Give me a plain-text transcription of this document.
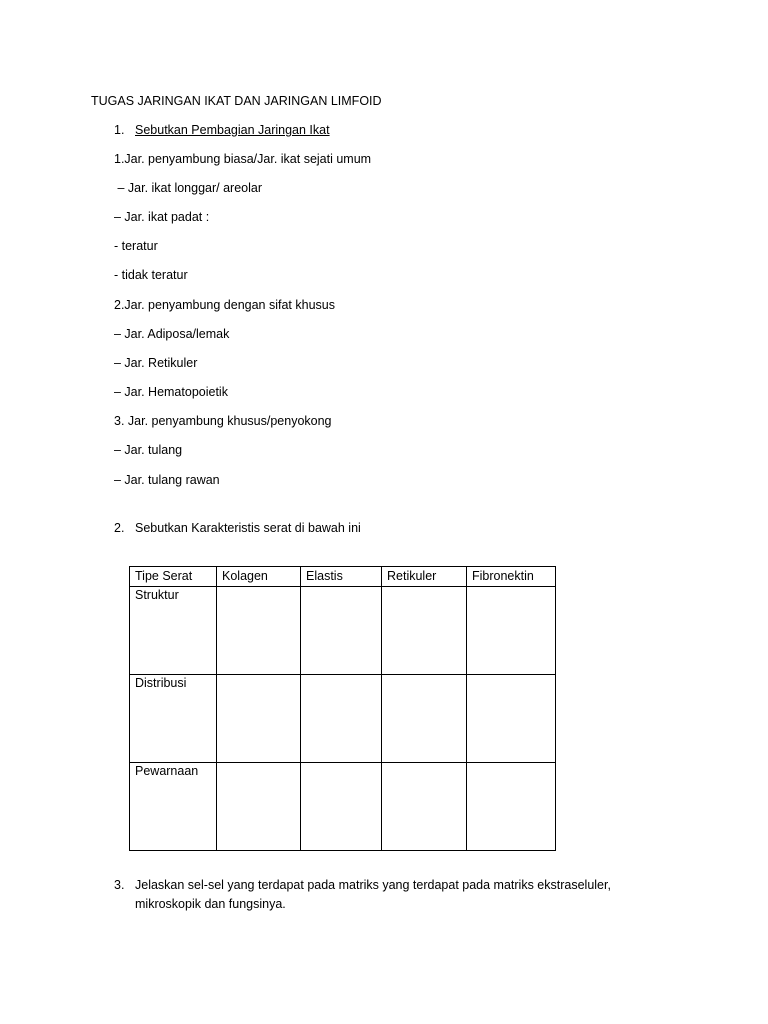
TUGAS JARINGAN IKAT DAN JARINGAN LIMFOID
1. Sebutkan Pembagian Jaringan Ikat
1.Jar. penyambung biasa/Jar. ikat sejati umum
– Jar. ikat longgar/ areolar
– Jar. ikat padat :
- teratur
- tidak teratur
2.Jar. penyambung dengan sifat khusus
– Jar. Adiposa/lemak
– Jar. Retikuler
– Jar. Hematopoietik
3. Jar. penyambung khusus/penyokong
– Jar. tulang
– Jar. tulang rawan
2. Sebutkan Karakteristis serat di bawah ini
Tipe Serat	Kolagen	Elastis	Retikuler	Fibronektin
Struktur				
Distribusi				
Pewarnaan				
3. Jelaskan sel-sel yang terdapat pada matriks yang terdapat pada matriks ekstraseluler,
mikroskopik dan fungsinya.
